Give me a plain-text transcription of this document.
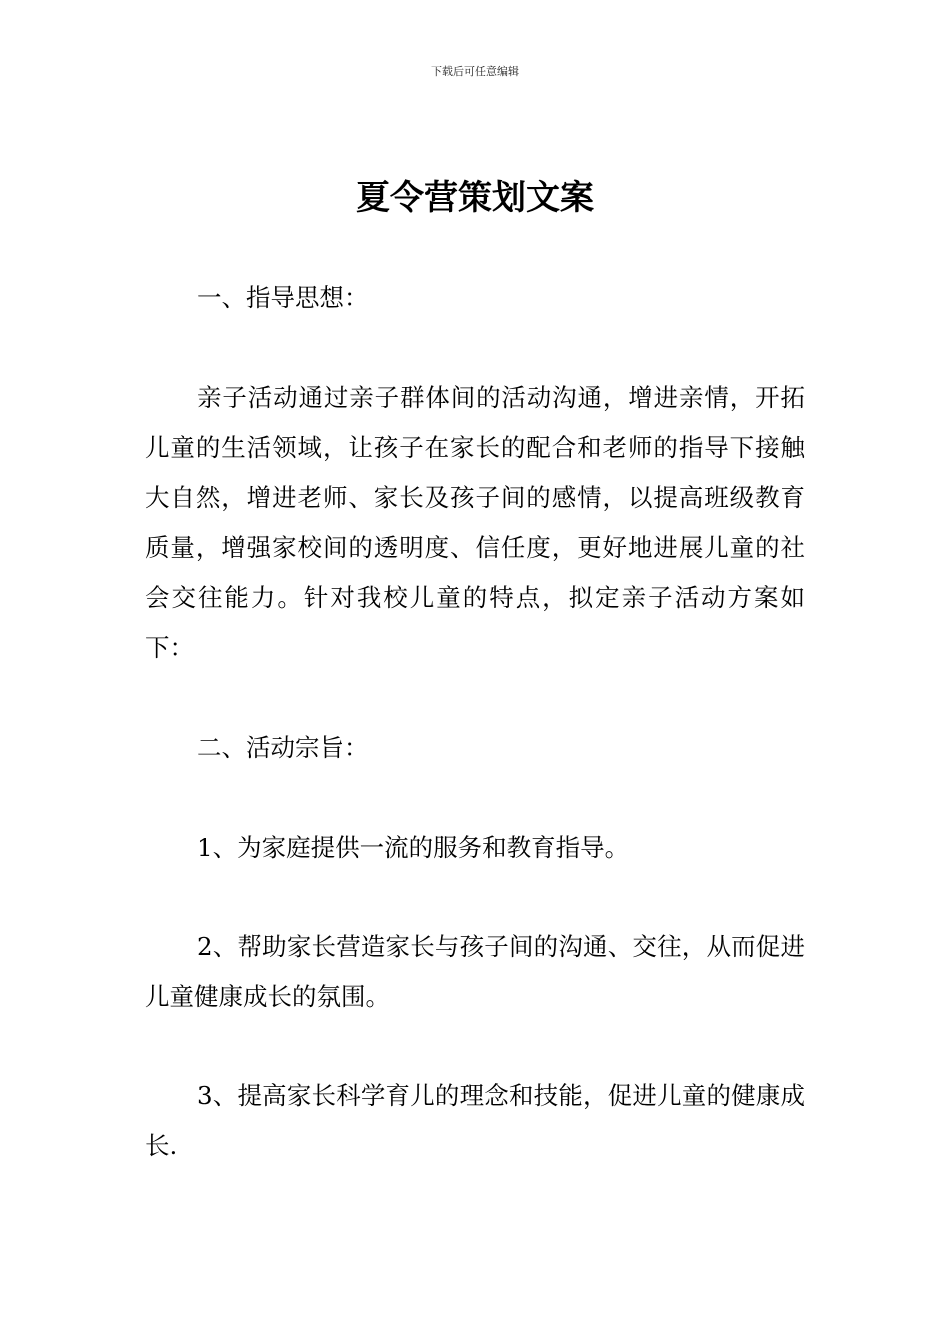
下载后可任意编辑
夏令营策划文案

一、指导思想：

亲子活动通过亲子群体间的活动沟通，增进亲情，开拓儿童的生活领域，让孩子在家长的配合和老师的指导下接触大自然，增进老师、家长及孩子间的感情，以提高班级教育质量，增强家校间的透明度、信任度，更好地进展儿童的社会交往能力。针对我校儿童的特点，拟定亲子活动方案如下：

二、活动宗旨：

1、为家庭提供一流的服务和教育指导。

2、帮助家长营造家长与孩子间的沟通、交往，从而促进儿童健康成长的氛围。

3、提高家长科学育儿的理念和技能，促进儿童的健康成长.
